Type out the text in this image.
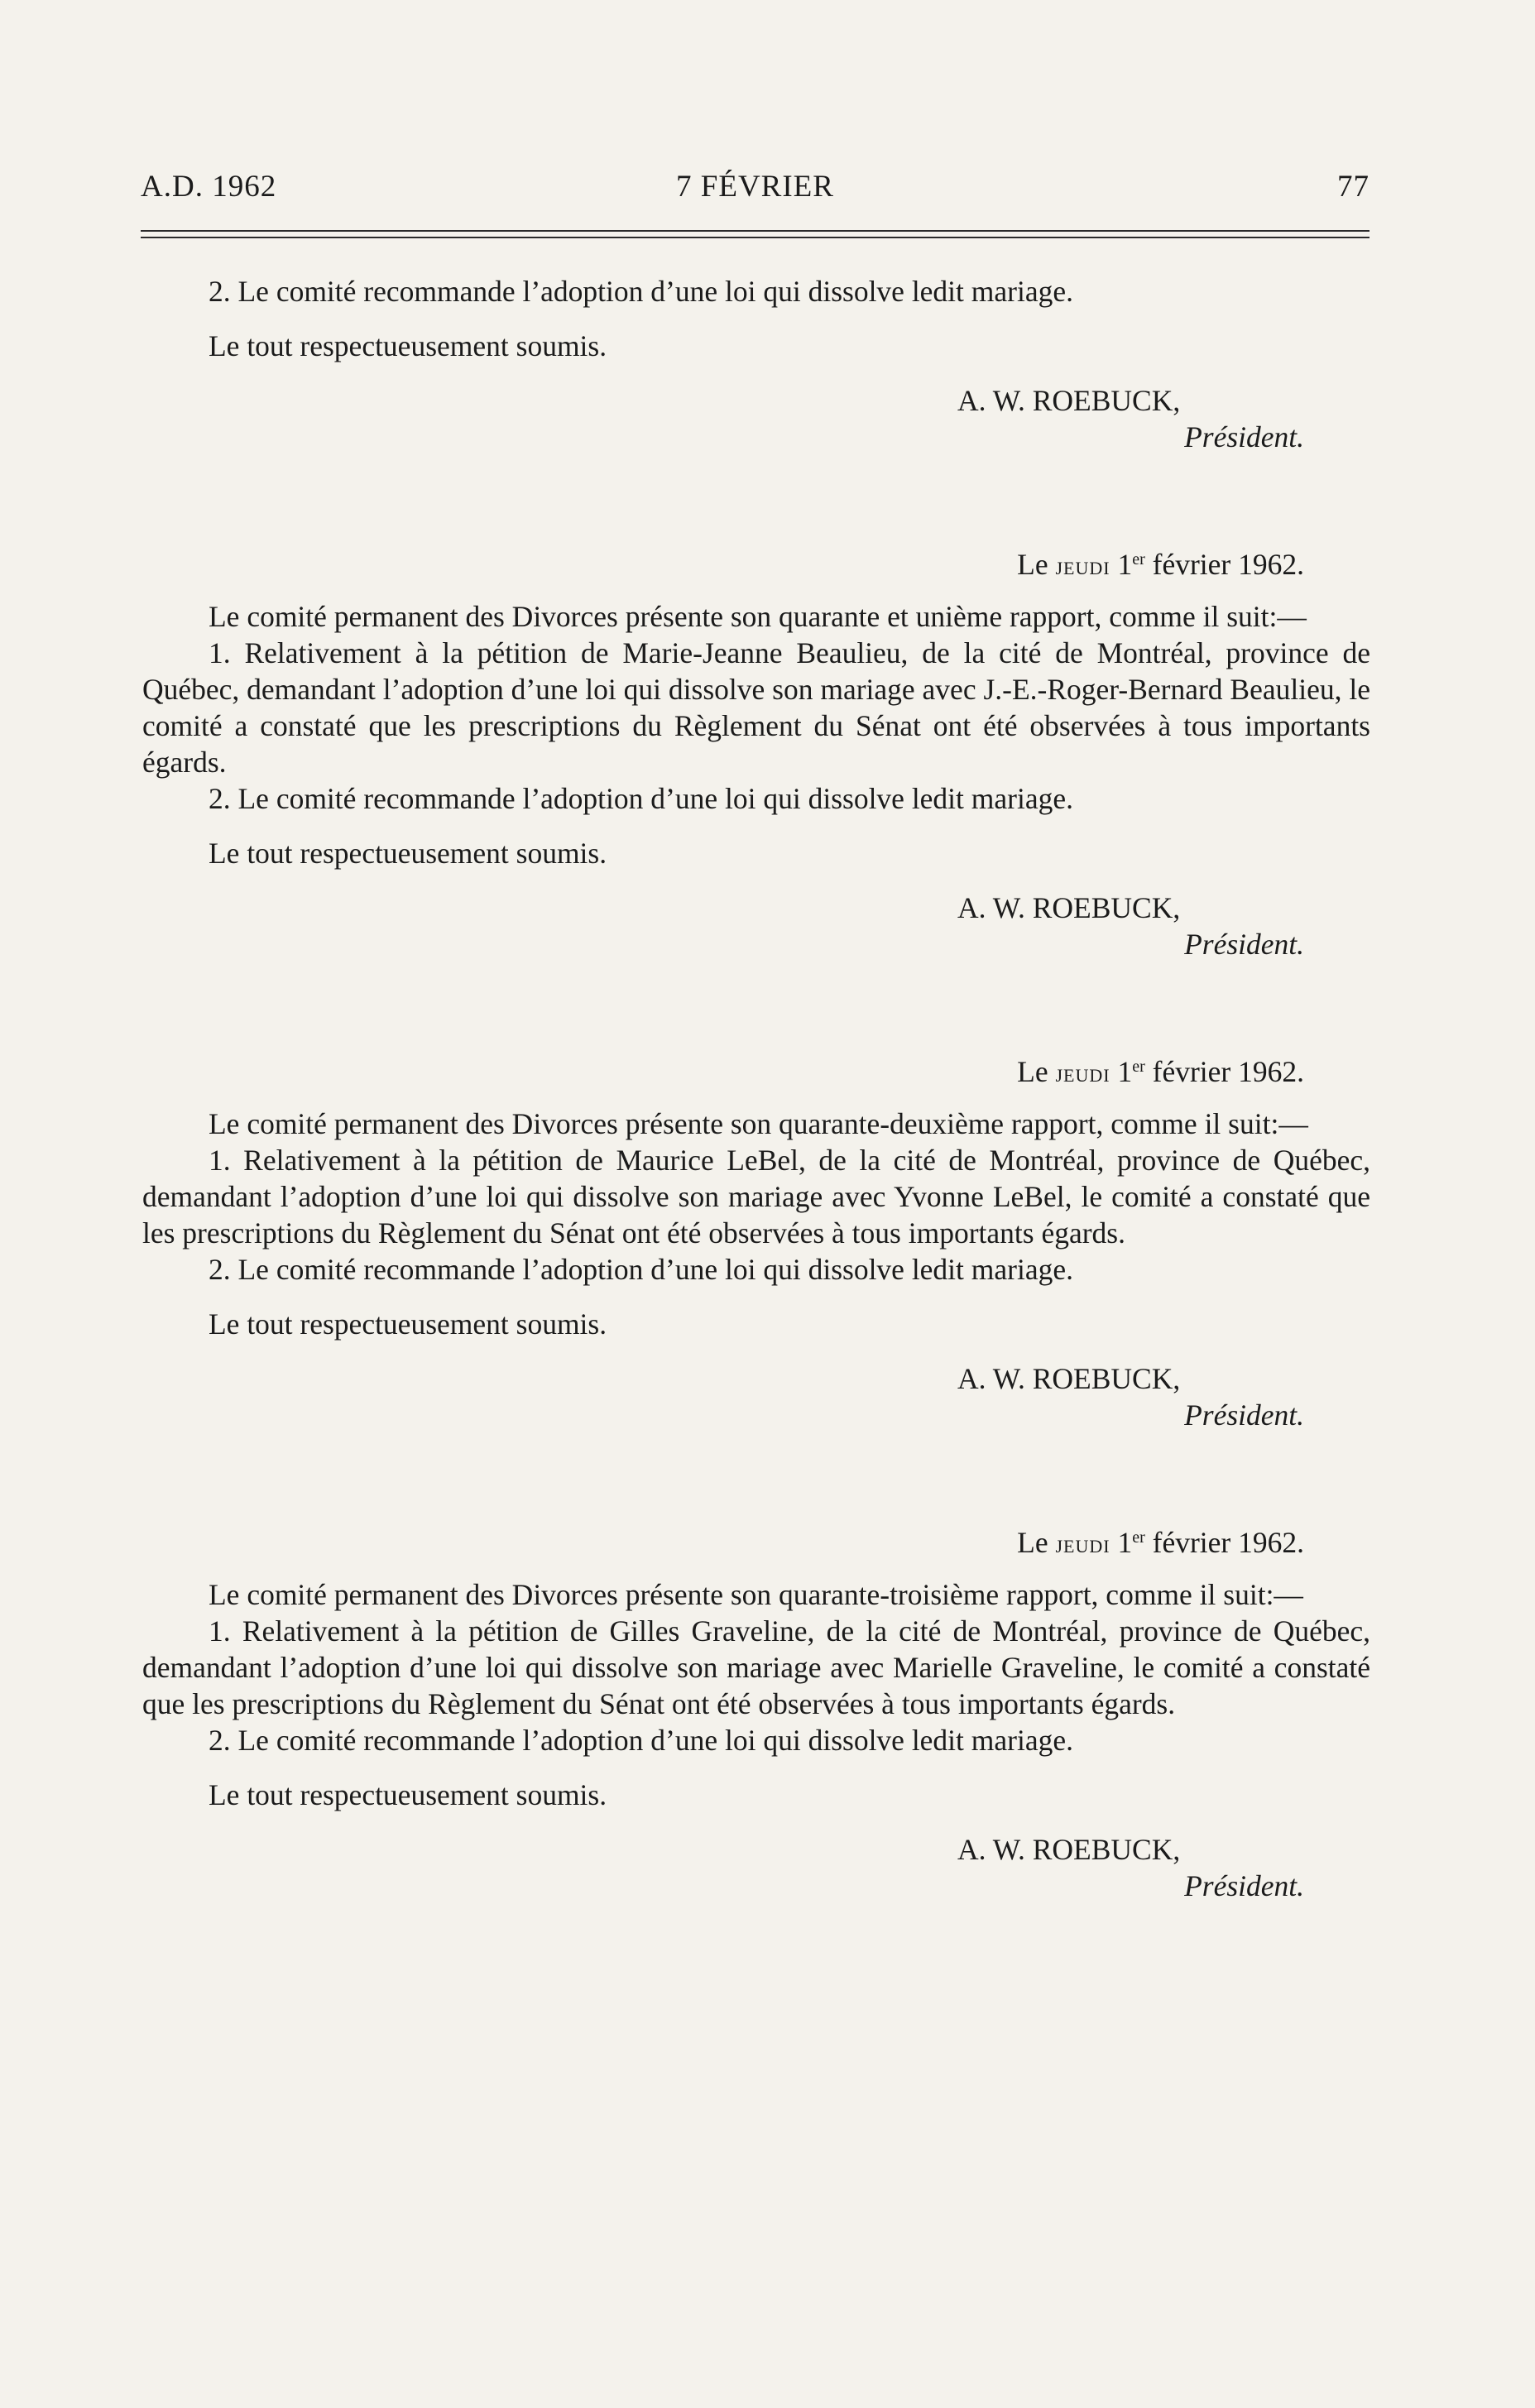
A.D. 1962	7 FÉVRIER	77

2. Le comité recommande l’adoption d’une loi qui dissolve ledit mariage.

Le tout respectueusement soumis.

A. W. ROEBUCK,

Président.

Le jeudi 1er février 1962.

Le comité permanent des Divorces présente son quarante et unième rapport, comme il suit:—

1. Relativement à la pétition de Marie-Jeanne Beaulieu, de la cité de Montréal, province de Québec, demandant l’adoption d’une loi qui dissolve son mariage avec J.-E.-Roger-Bernard Beaulieu, le comité a constaté que les prescriptions du Règlement du Sénat ont été observées à tous importants égards.

2. Le comité recommande l’adoption d’une loi qui dissolve ledit mariage.

Le tout respectueusement soumis.

A. W. ROEBUCK,

Président.

Le jeudi 1er février 1962.

Le comité permanent des Divorces présente son quarante-deuxième rapport, comme il suit:—

1. Relativement à la pétition de Maurice LeBel, de la cité de Montréal, province de Québec, demandant l’adoption d’une loi qui dissolve son mariage avec Yvonne LeBel, le comité a constaté que les prescriptions du Règlement du Sénat ont été observées à tous importants égards.

2. Le comité recommande l’adoption d’une loi qui dissolve ledit mariage.

Le tout respectueusement soumis.

A. W. ROEBUCK,

Président.

Le jeudi 1er février 1962.

Le comité permanent des Divorces présente son quarante-troisième rapport, comme il suit:—

1. Relativement à la pétition de Gilles Graveline, de la cité de Montréal, province de Québec, demandant l’adoption d’une loi qui dissolve son mariage avec Marielle Graveline, le comité a constaté que les prescriptions du Règlement du Sénat ont été observées à tous importants égards.

2. Le comité recommande l’adoption d’une loi qui dissolve ledit mariage.

Le tout respectueusement soumis.

A. W. ROEBUCK,

Président.
